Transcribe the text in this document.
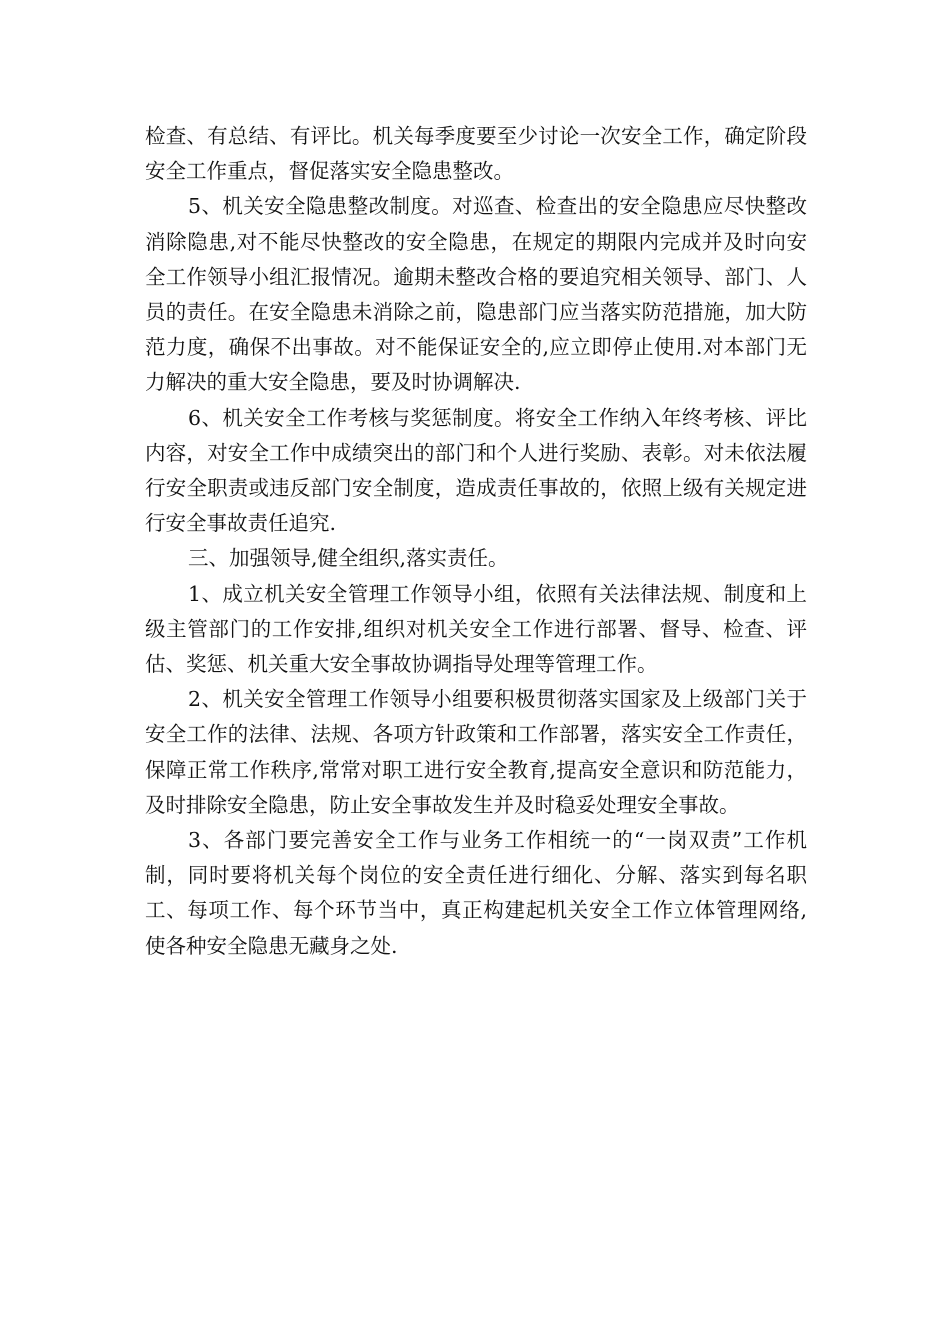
检查、有总结、有评比。机关每季度要至少讨论一次安全工作，确定阶段安全工作重点，督促落实安全隐患整改。

5、机关安全隐患整改制度。对巡查、检查出的安全隐患应尽快整改消除隐患,对不能尽快整改的安全隐患，在规定的期限内完成并及时向安全工作领导小组汇报情况。逾期未整改合格的要追究相关领导、部门、人员的责任。在安全隐患未消除之前，隐患部门应当落实防范措施，加大防范力度，确保不出事故。对不能保证安全的,应立即停止使用.对本部门无力解决的重大安全隐患，要及时协调解决.

6、机关安全工作考核与奖惩制度。将安全工作纳入年终考核、评比内容，对安全工作中成绩突出的部门和个人进行奖励、表彰。对未依法履行安全职责或违反部门安全制度，造成责任事故的，依照上级有关规定进行安全事故责任追究.

三、加强领导,健全组织,落实责任。

1、成立机关安全管理工作领导小组，依照有关法律法规、制度和上级主管部门的工作安排,组织对机关安全工作进行部署、督导、检查、评估、奖惩、机关重大安全事故协调指导处理等管理工作。

2、机关安全管理工作领导小组要积极贯彻落实国家及上级部门关于安全工作的法律、法规、各项方针政策和工作部署，落实安全工作责任，保障正常工作秩序,常常对职工进行安全教育,提高安全意识和防范能力，及时排除安全隐患，防止安全事故发生并及时稳妥处理安全事故。

3、各部门要完善安全工作与业务工作相统一的“一岗双责”工作机制，同时要将机关每个岗位的安全责任进行细化、分解、落实到每名职工、每项工作、每个环节当中，真正构建起机关安全工作立体管理网络,使各种安全隐患无藏身之处.
